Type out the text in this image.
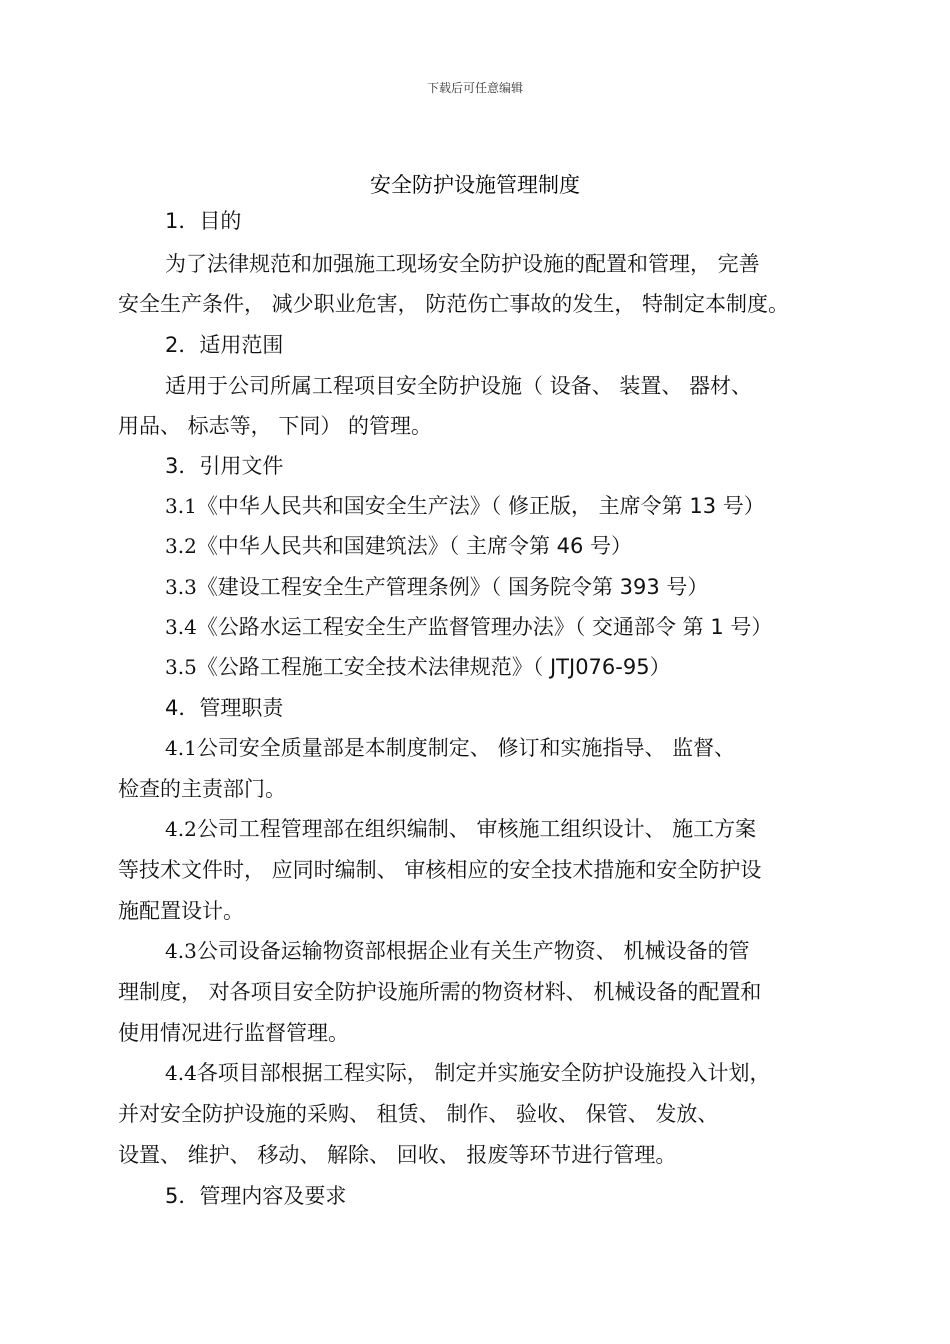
下载后可任意编辑
安全防护设施管理制度
1．目的
为了法律规范和加强施工现场安全防护设施的配置和管理， 完善
安全生产条件， 减少职业危害， 防范伤亡事故的发生， 特制定本制度。
2．适用范围
适用于公司所属工程项目安全防护设施（ 设备、 装置、 器材、
用品、 标志等， 下同） 的管理。
3．引用文件
3.1《中华人民共和国安全生产法》（ 修正版， 主席令第 13 号）
3.2《中华人民共和国建筑法》（ 主席令第 46 号）
3.3《建设工程安全生产管理条例》（ 国务院令第 393 号）
3.4《公路水运工程安全生产监督管理办法》（ 交通部令 第 1 号）
3.5《公路工程施工安全技术法律规范》（ JTJ076-95）
4．管理职责
4.1公司安全质量部是本制度制定、 修订和实施指导、 监督、
检查的主责部门。
4.2公司工程管理部在组织编制、 审核施工组织设计、 施工方案
等技术文件时， 应同时编制、 审核相应的安全技术措施和安全防护设
施配置设计。
4.3公司设备运输物资部根据企业有关生产物资、 机械设备的管
理制度， 对各项目安全防护设施所需的物资材料、 机械设备的配置和
使用情况进行监督管理。
4.4各项目部根据工程实际， 制定并实施安全防护设施投入计划，
并对安全防护设施的采购、 租赁、 制作、 验收、 保管、 发放、
设置、 维护、 移动、 解除、 回收、 报废等环节进行管理。
5．管理内容及要求
